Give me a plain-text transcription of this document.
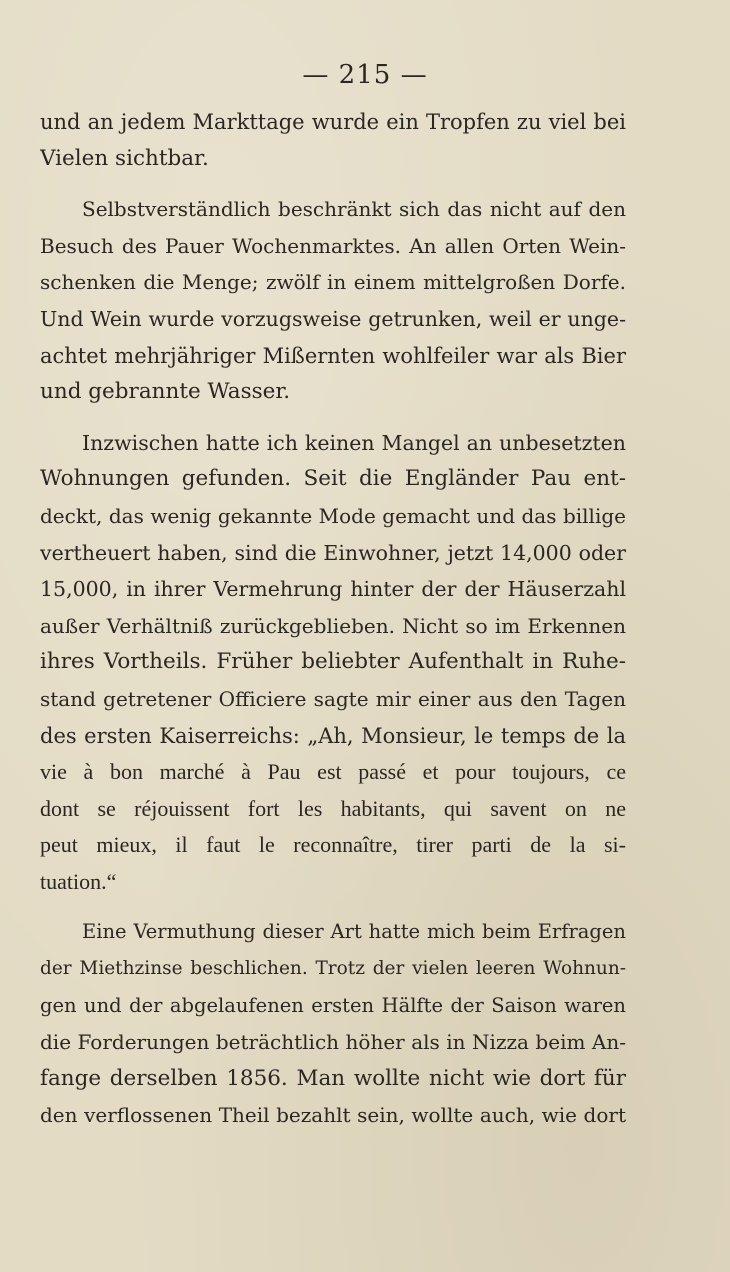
— 215 —
und an jedem Markttage wurde ein Tropfen zu viel bei
Vielen sichtbar.
Selbstverständlich beschränkt sich das nicht auf den
Besuch des Pauer Wochenmarktes. An allen Orten Wein-
schenken die Menge; zwölf in einem mittelgroßen Dorfe.
Und Wein wurde vorzugsweise getrunken, weil er unge-
achtet mehrjähriger Mißernten wohlfeiler war als Bier
und gebrannte Wasser.
Inzwischen hatte ich keinen Mangel an unbesetzten
Wohnungen gefunden. Seit die Engländer Pau ent-
deckt, das wenig gekannte Mode gemacht und das billige
vertheuert haben, sind die Einwohner, jetzt 14,000 oder
15,000, in ihrer Vermehrung hinter der der Häuserzahl
außer Verhältniß zurückgeblieben. Nicht so im Erkennen
ihres Vortheils. Früher beliebter Aufenthalt in Ruhe-
stand getretener Officiere sagte mir einer aus den Tagen
des ersten Kaiserreichs: „Ah, Monsieur, le temps de la
vie à bon marché à Pau est passé et pour toujours, ce
dont se réjouissent fort les habitants, qui savent on ne
peut mieux, il faut le reconnaître, tirer parti de la si-
tuation.“
Eine Vermuthung dieser Art hatte mich beim Erfragen
der Miethzinse beschlichen. Trotz der vielen leeren Wohnun-
gen und der abgelaufenen ersten Hälfte der Saison waren
die Forderungen beträchtlich höher als in Nizza beim An-
fange derselben 1856. Man wollte nicht wie dort für
den verflossenen Theil bezahlt sein, wollte auch, wie dort
